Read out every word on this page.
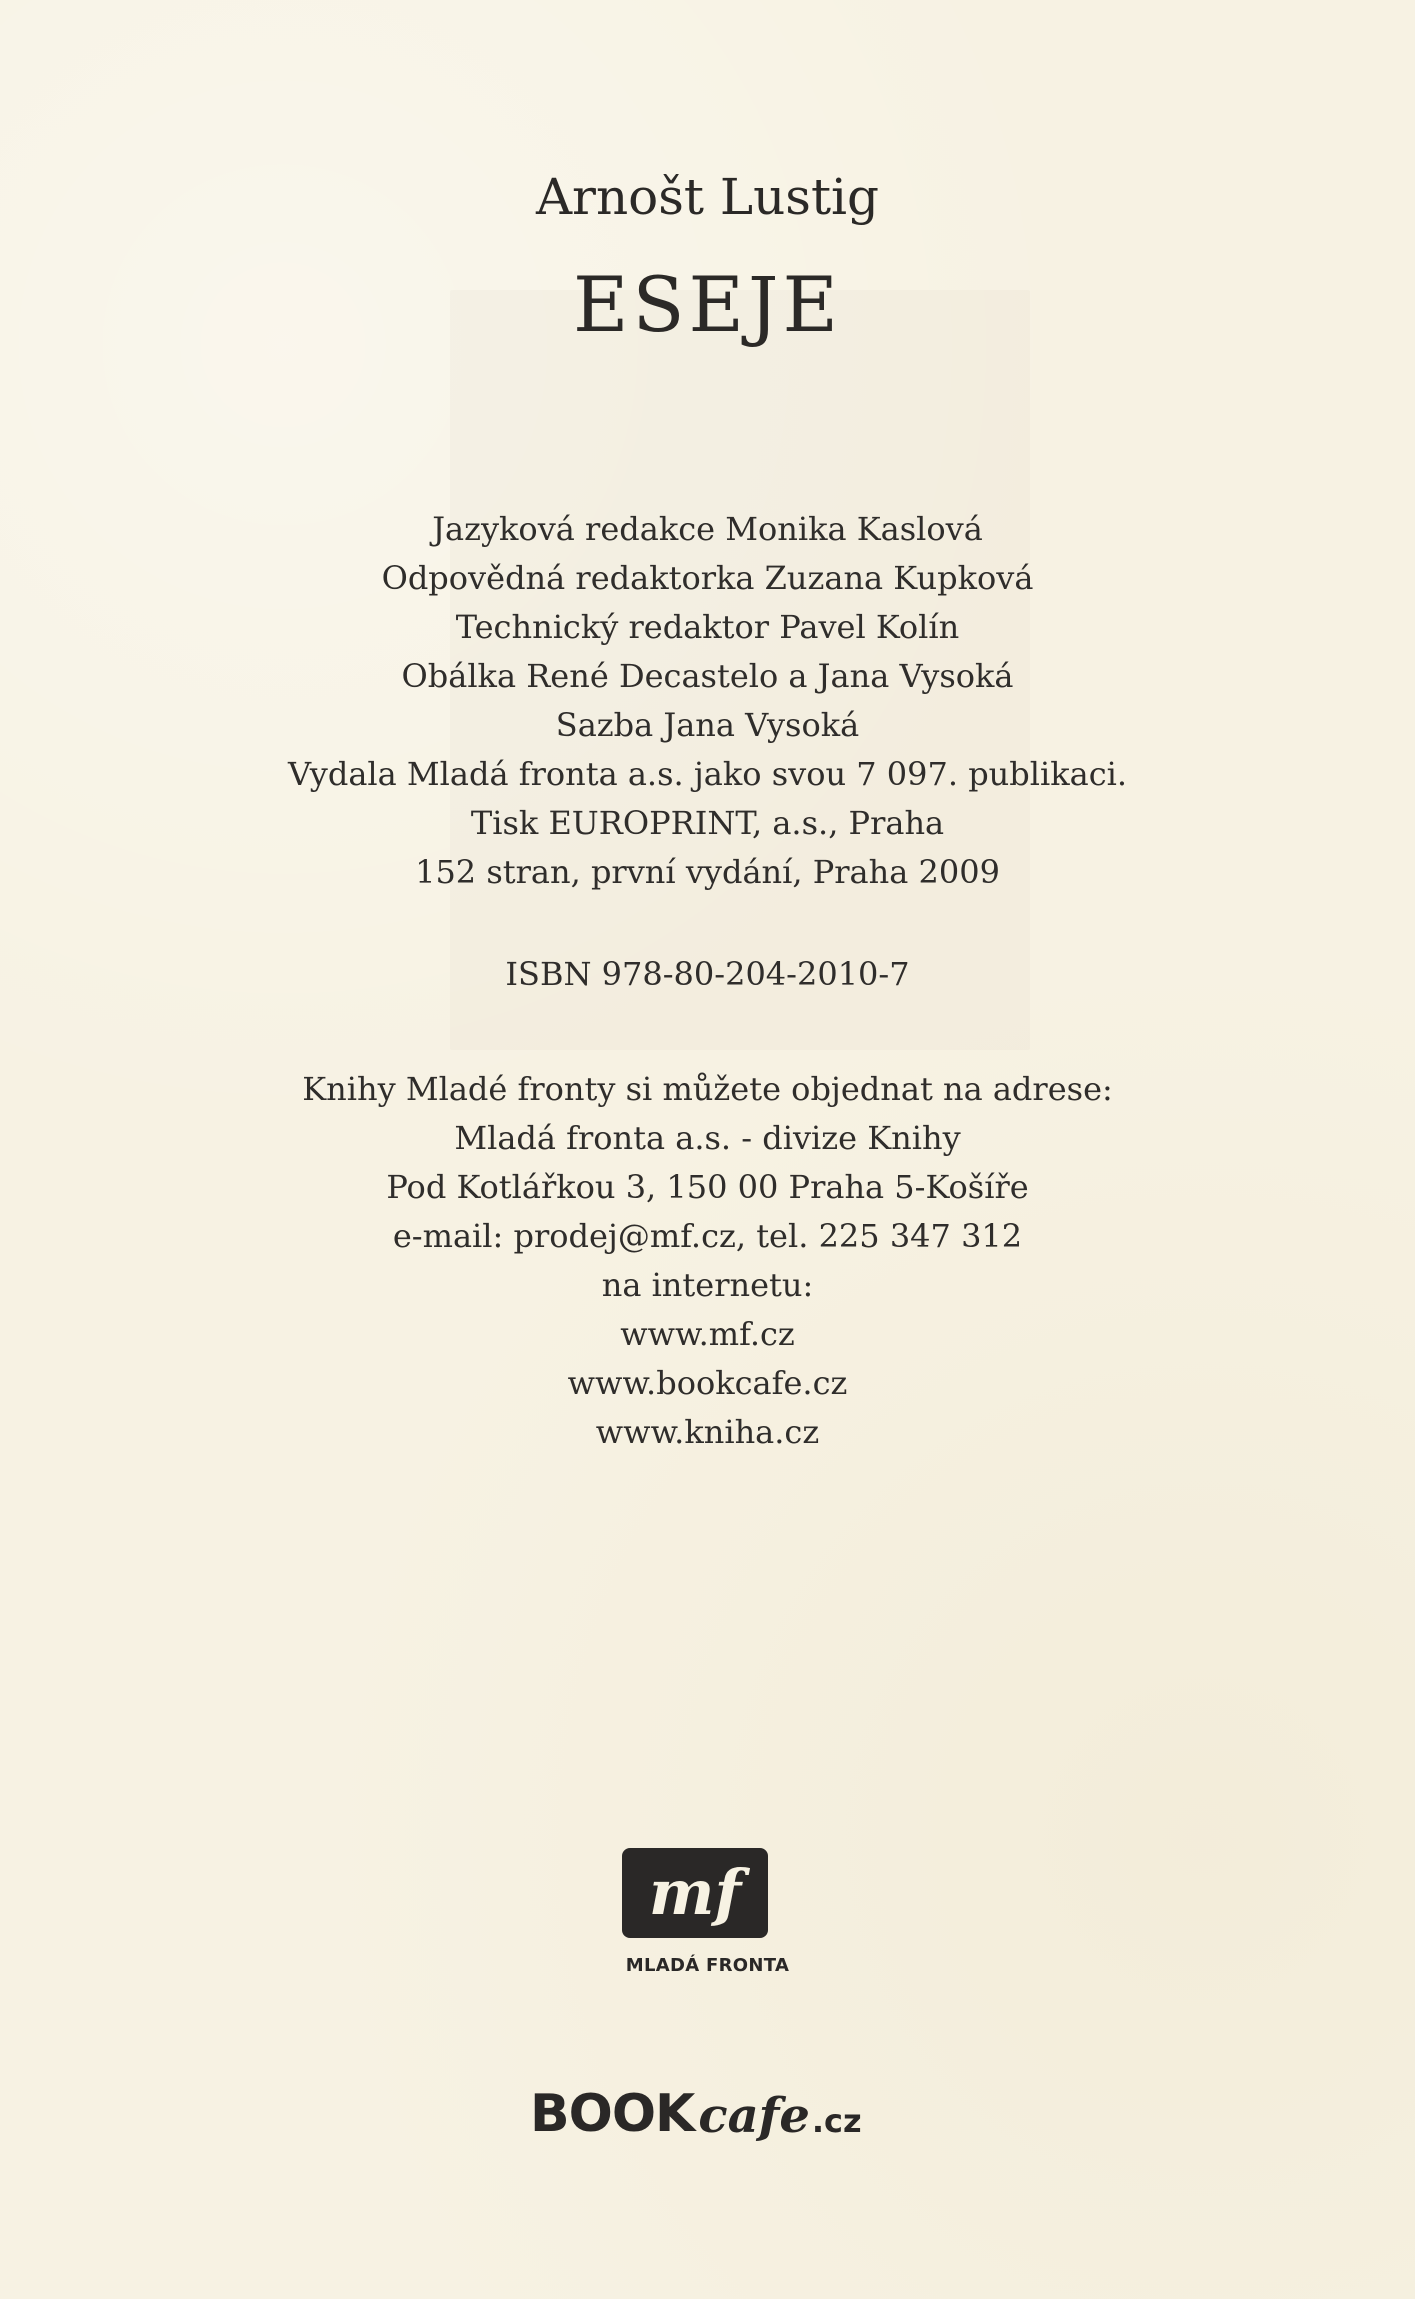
Arnošt Lustig
ESEJE
Jazyková redakce Monika Kaslová
Odpovědná redaktorka Zuzana Kupková
Technický redaktor Pavel Kolín
Obálka René Decastelo a Jana Vysoká
Sazba Jana Vysoká
Vydala Mladá fronta a.s. jako svou 7 097. publikaci.
Tisk EUROPRINT, a.s., Praha
152 stran, první vydání, Praha 2009
ISBN 978-80-204-2010-7
Knihy Mladé fronty si můžete objednat na adrese:
Mladá fronta a.s. - divize Knihy
Pod Kotlářkou 3, 150 00 Praha 5-Košíře
e-mail: prodej@mf.cz, tel. 225 347 312
na internetu:
www.mf.cz
www.bookcafe.cz
www.kniha.cz
mf
MLADÁ FRONTA
BOOK cafe .cz
